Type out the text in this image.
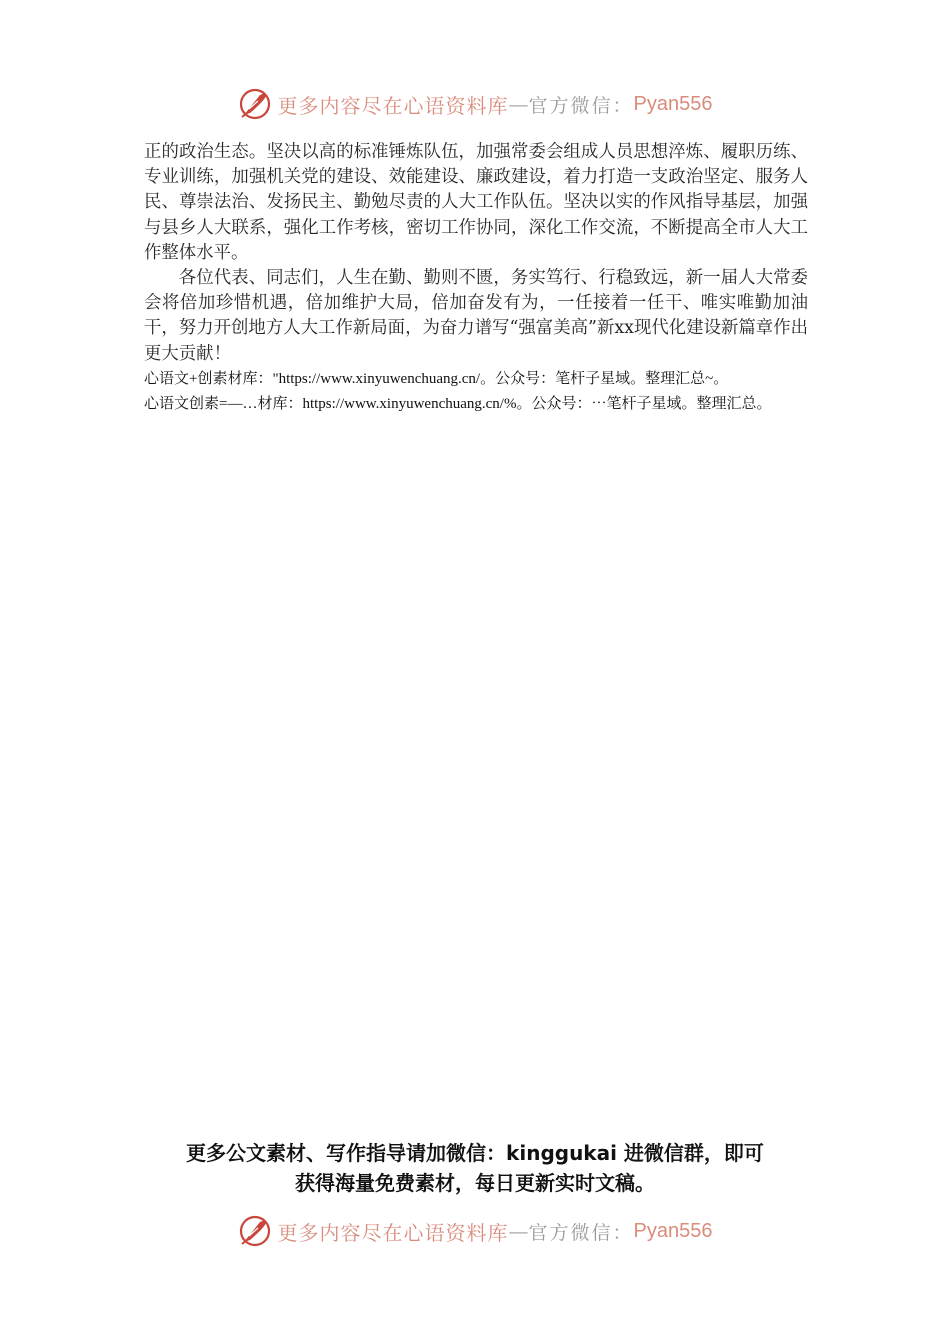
更多内容尽在心语资料库 — 官方微信： Pyan556

正的政治生态。坚决以高的标准锤炼队伍，加强常委会组成人员思想淬炼、履职历练、专业训练，加强机关党的建设、效能建设、廉政建设，着力打造一支政治坚定、服务人民、尊崇法治、发扬民主、勤勉尽责的人大工作队伍。坚决以实的作风指导基层，加强与县乡人大联系，强化工作考核，密切工作协同，深化工作交流，不断提高全市人大工作整体水平。

各位代表、同志们，人生在勤、勤则不匮，务实笃行、行稳致远，新一届人大常委会将倍加珍惜机遇，倍加维护大局，倍加奋发有为，一任接着一任干、唯实唯勤加油干，努力开创地方人大工作新局面，为奋力谱写“强富美高”新xx现代化建设新篇章作出更大贡献！

心语文+创素材库："https://www.xinyuwenchuang.cn/。公众号：笔杆子星域。整理汇总~。

心语文创素=—…材库：https://www.xinyuwenchuang.cn/%。公众号：⋯笔杆子星域。整理汇总。

更多公文素材、写作指导请加微信：kinggukai 进微信群，即可
获得海量免费素材，每日更新实时文稿。
更多内容尽在心语资料库 — 官方微信： Pyan556
